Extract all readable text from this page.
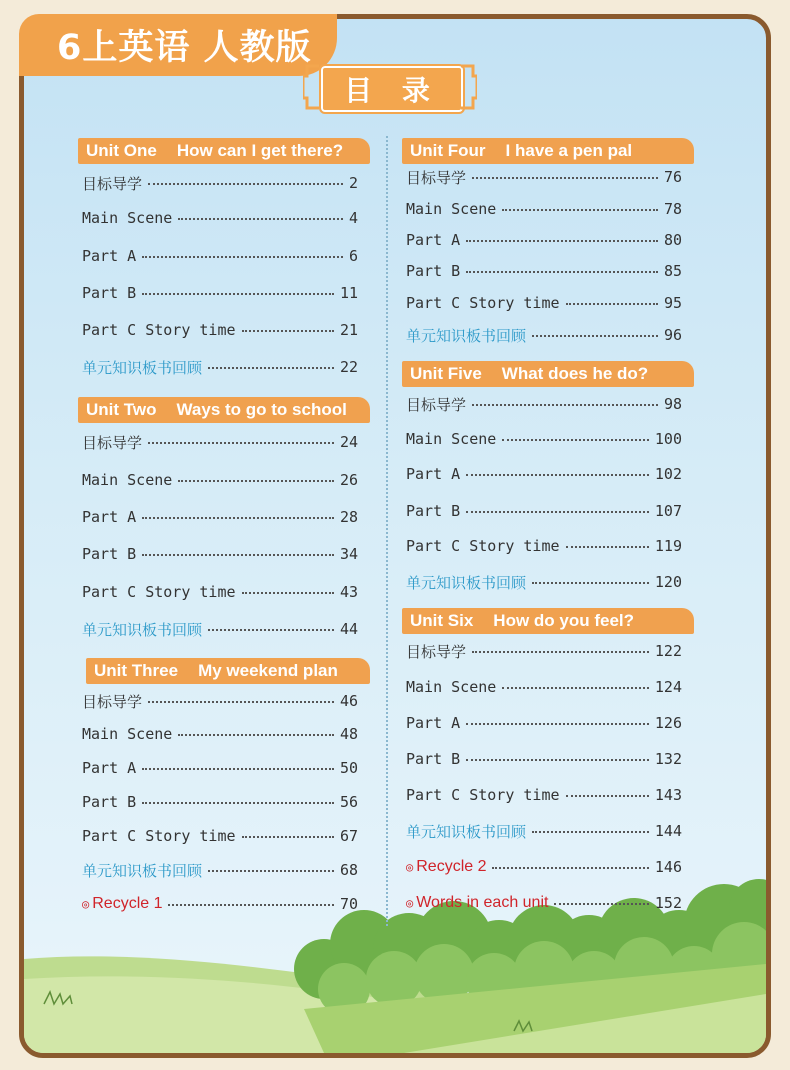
6上英语 人教版
目 录
Unit One How can I get there?
目标导学	2
Main Scene	4
Part A	6
Part B	11
Part C Story time	21
单元知识板书回顾	22
Unit Two Ways to go to school
目标导学	24
Main Scene	26
Part A	28
Part B	34
Part C Story time	43
单元知识板书回顾	44
Unit Three My weekend plan
目标导学	46
Main Scene	48
Part A	50
Part B	56
Part C Story time	67
单元知识板书回顾	68
Unit Four I have a pen pal
目标导学	76
Main Scene	78
Part A	80
Part B	85
Part C Story time	95
单元知识板书回顾	96
Unit Five What does he do?
目标导学	98
Main Scene	100
Part A	102
Part B	107
Part C Story time	119
单元知识板书回顾	120
Unit Six How do you feel?
目标导学	122
Main Scene	124
Part A	126
Part B	132
Part C Story time	143
单元知识板书回顾	144
◎ Recycle 1	70
◎ Recycle 2	146
◎ Words in each unit	152
